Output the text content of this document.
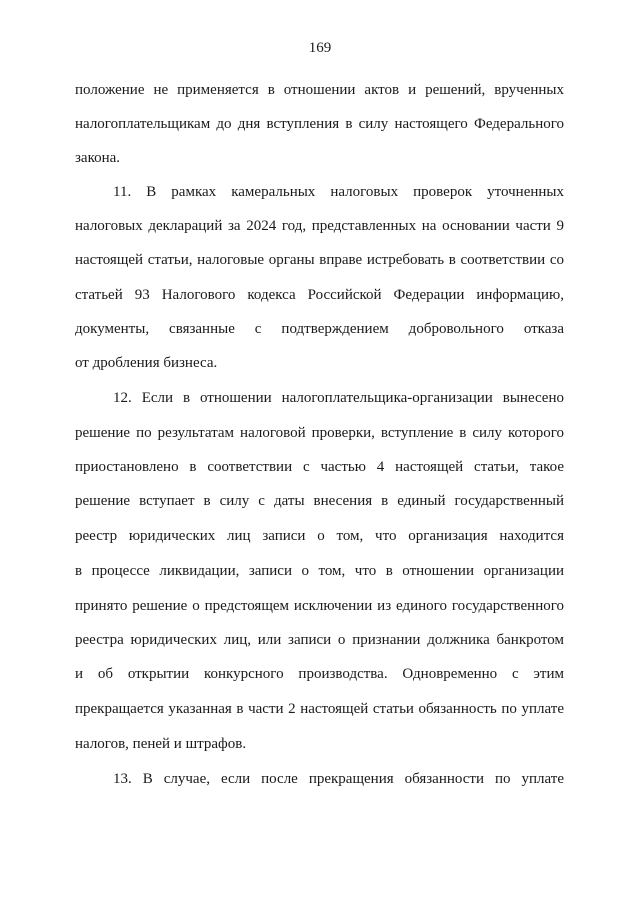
169
положение не применяется в отношении актов и решений, врученных
налогоплательщикам до дня вступления в силу настоящего Федерального
закона.
11. В рамках камеральных налоговых проверок уточненных
налоговых деклараций за 2024 год, представленных на основании части 9
настоящей статьи, налоговые органы вправе истребовать в соответствии со
статьей 93 Налогового кодекса Российской Федерации информацию,
документы, связанные с подтверждением добровольного отказа
от дробления бизнеса.
12. Если в отношении налогоплательщика-организации вынесено
решение по результатам налоговой проверки, вступление в силу которого
приостановлено в соответствии с частью 4 настоящей статьи, такое
решение вступает в силу с даты внесения в единый государственный
реестр юридических лиц записи о том, что организация находится
в процессе ликвидации, записи о том, что в отношении организации
принято решение о предстоящем исключении из единого государственного
реестра юридических лиц, или записи о признании должника банкротом
и об открытии конкурсного производства. Одновременно с этим
прекращается указанная в части 2 настоящей статьи обязанность по уплате
налогов, пеней и штрафов.
13. В случае, если после прекращения обязанности по уплате
